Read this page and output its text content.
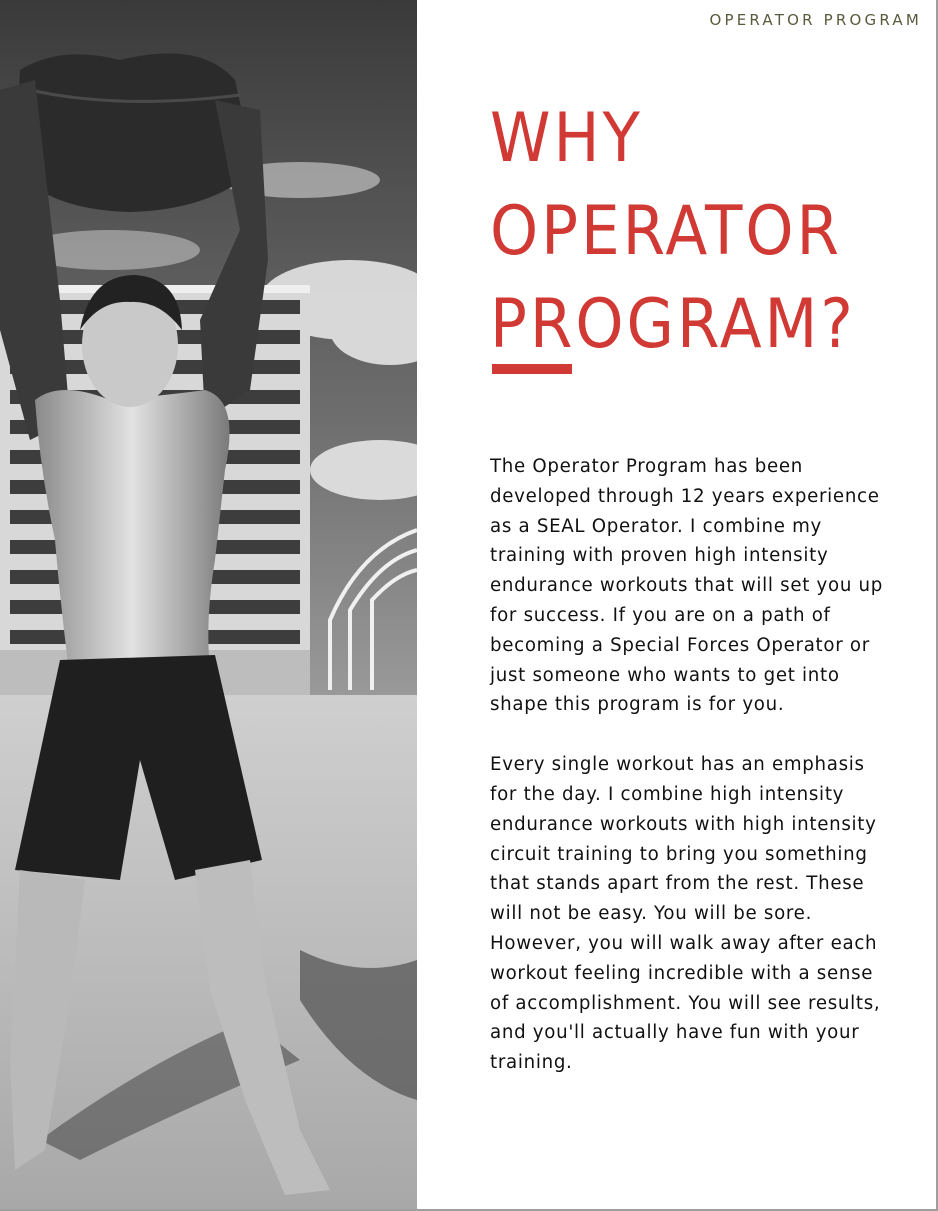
OPERATOR PROGRAM
WHY
OPERATOR
PROGRAM?

The Operator Program has been developed through 12 years experience as a SEAL Operator. I combine my training with proven high intensity endurance workouts that will set you up for success. If you are on a path of becoming a Special Forces Operator or just someone who wants to get into shape this program is for you.

Every single workout has an emphasis for the day. I combine high intensity endurance workouts with high intensity circuit training to bring you something that stands apart from the rest. These will not be easy. You will be sore. However, you will walk away after each workout feeling incredible with a sense of accomplishment. You will see results, and you'll actually have fun with your training.
